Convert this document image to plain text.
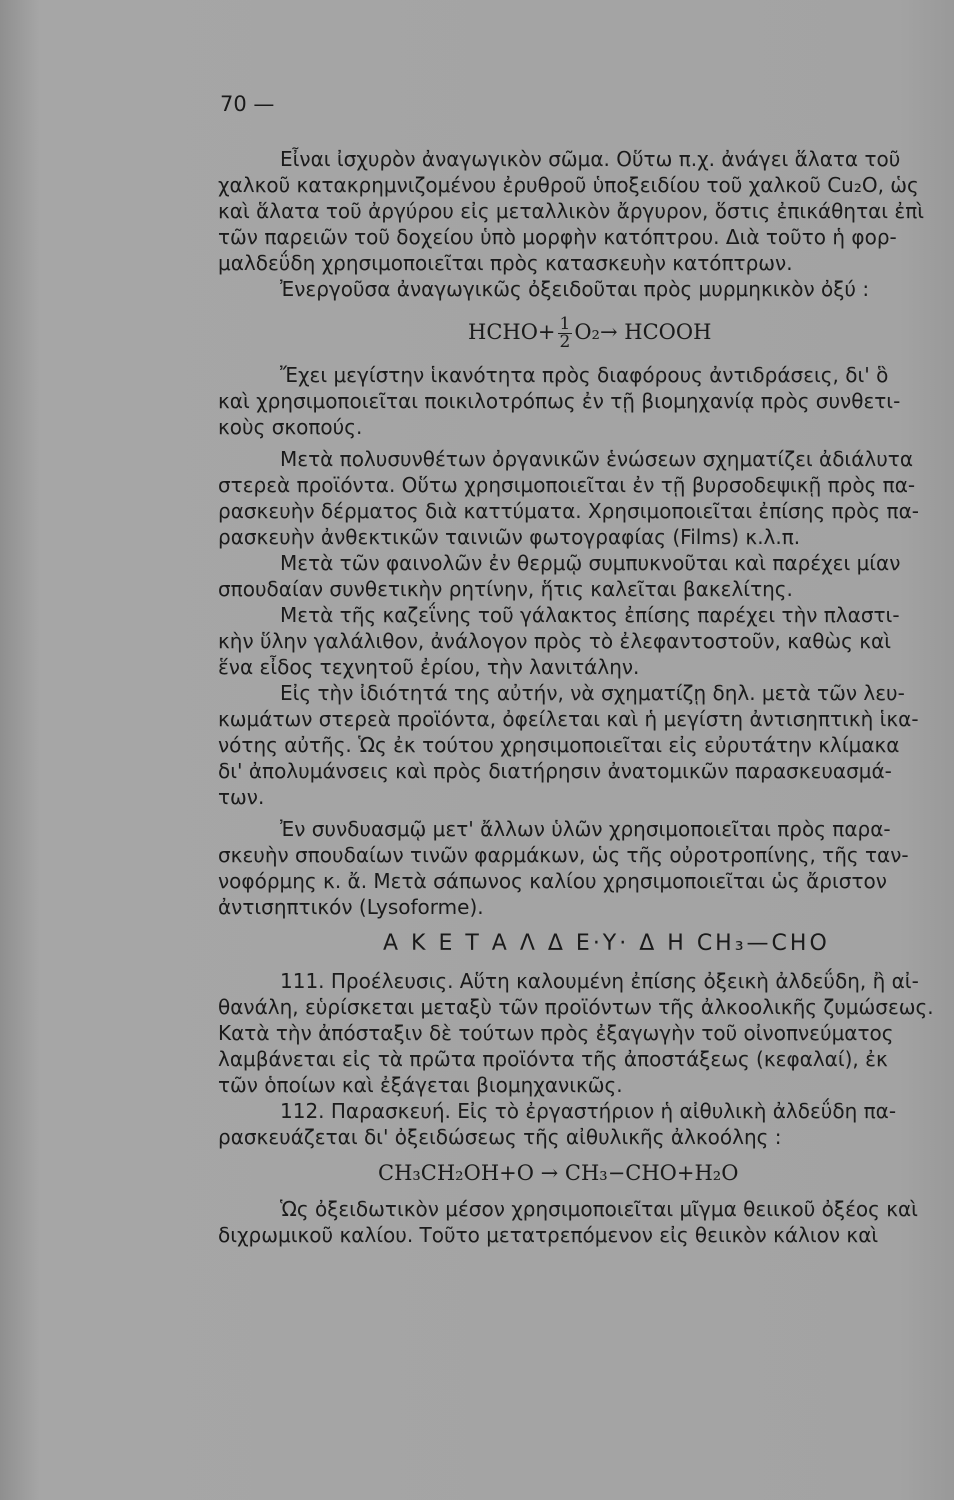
70 —
Εἶναι ἰσχυρὸν ἀναγωγικὸν σῶμα. Οὕτω π.χ. ἀνάγει ἅλατα τοῦ
χαλκοῦ κατακρημνιζομένου ἐρυθροῦ ὑποξειδίου τοῦ χαλκοῦ Cu₂O, ὡς
καὶ ἅλατα τοῦ ἀργύρου εἰς μεταλλικὸν ἄργυρον, ὅστις ἐπικάθηται ἐπὶ
τῶν παρειῶν τοῦ δοχείου ὑπὸ μορφὴν κατόπτρου. Διὰ τοῦτο ἡ φορ-
μαλδεΰδη χρησιμοποιεῖται πρὸς κατασκευὴν κατόπτρων.
Ἐνεργοῦσα ἀναγωγικῶς ὀξειδοῦται πρὸς μυρμηκικὸν ὀξύ :
HCHO+ $\frac{1}{2} O_2\to$ HCOOH
Ἔχει μεγίστην ἱκανότητα πρὸς διαφόρους ἀντιδράσεις, δι' ὃ
καὶ χρησιμοποιεῖται ποικιλοτρόπως ἐν τῇ βιομηχανίᾳ πρὸς συνθετι-
κοὺς σκοπούς.
Μετὰ πολυσυνθέτων ὀργανικῶν ἑνώσεων σχηματίζει ἀδιάλυτα
στερεὰ προϊόντα. Οὕτω χρησιμοποιεῖται ἐν τῇ βυρσοδεψικῇ πρὸς πα-
ρασκευὴν δέρματος διὰ καττύματα. Χρησιμοποιεῖται ἐπίσης πρὸς πα-
ρασκευὴν ἀνθεκτικῶν ταινιῶν φωτογραφίας (Films) κ.λ.π.
Μετὰ τῶν φαινολῶν ἐν θερμῷ συμπυκνοῦται καὶ παρέχει μίαν
σπουδαίαν συνθετικὴν ρητίνην, ἥτις καλεῖται βακελίτης.
Μετὰ τῆς καζεΐνης τοῦ γάλακτος ἐπίσης παρέχει τὴν πλαστι-
κὴν ὕλην γαλάλιθον, ἀνάλογον πρὸς τὸ ἐλεφαντοστοῦν, καθὼς καὶ
ἕνα εἶδος τεχνητοῦ ἐρίου, τὴν λανιτάλην.
Εἰς τὴν ἰδιότητά της αὐτήν, νὰ σχηματίζῃ δηλ. μετὰ τῶν λευ-
κωμάτων στερεὰ προϊόντα, ὀφείλεται καὶ ἡ μεγίστη ἀντισηπτικὴ ἱκα-
νότης αὐτῆς. Ὡς ἐκ τούτου χρησιμοποιεῖται εἰς εὐρυτάτην κλίμακα
δι' ἀπολυμάνσεις καὶ πρὸς διατήρησιν ἀνατομικῶν παρασκευασμά-
των.
Ἐν συνδυασμῷ μετ' ἄλλων ὑλῶν χρησιμοποιεῖται πρὸς παρα-
σκευὴν σπουδαίων τινῶν φαρμάκων, ὡς τῆς οὐροτροπίνης, τῆς ταν-
νοφόρμης κ. ἄ. Μετὰ σάπωνος καλίου χρησιμοποιεῖται ὡς ἄριστον
ἀντισηπτικόν (Lysoforme).
Α Κ Ε Τ Α Λ Δ Ε·Υ· Δ Η CH₃—CHO
111. Προέλευσις. Αὕτη καλουμένη ἐπίσης ὀξεικὴ ἀλδεΰδη, ἢ αἰ-
θανάλη, εὑρίσκεται μεταξὺ τῶν προϊόντων τῆς ἀλκοολικῆς ζυμώσεως.
Κατὰ τὴν ἀπόσταξιν δὲ τούτων πρὸς ἐξαγωγὴν τοῦ οἰνοπνεύματος
λαμβάνεται εἰς τὰ πρῶτα προϊόντα τῆς ἀποστάξεως (κεφαλαί), ἐκ
τῶν ὁποίων καὶ ἐξάγεται βιομηχανικῶς.
112. Παρασκευή. Εἰς τὸ ἐργαστήριον ἡ αἰθυλικὴ ἀλδεΰδη πα-
ρασκευάζεται δι' ὀξειδώσεως τῆς αἰθυλικῆς ἀλκοόλης :
CH₃CH₂OH+O → CH₃−CHO+H₂O
Ὡς ὀξειδωτικὸν μέσον χρησιμοποιεῖται μῖγμα θειικοῦ ὀξέος καὶ
διχρωμικοῦ καλίου. Τοῦτο μετατρεπόμενον εἰς θειικὸν κάλιον καὶ
